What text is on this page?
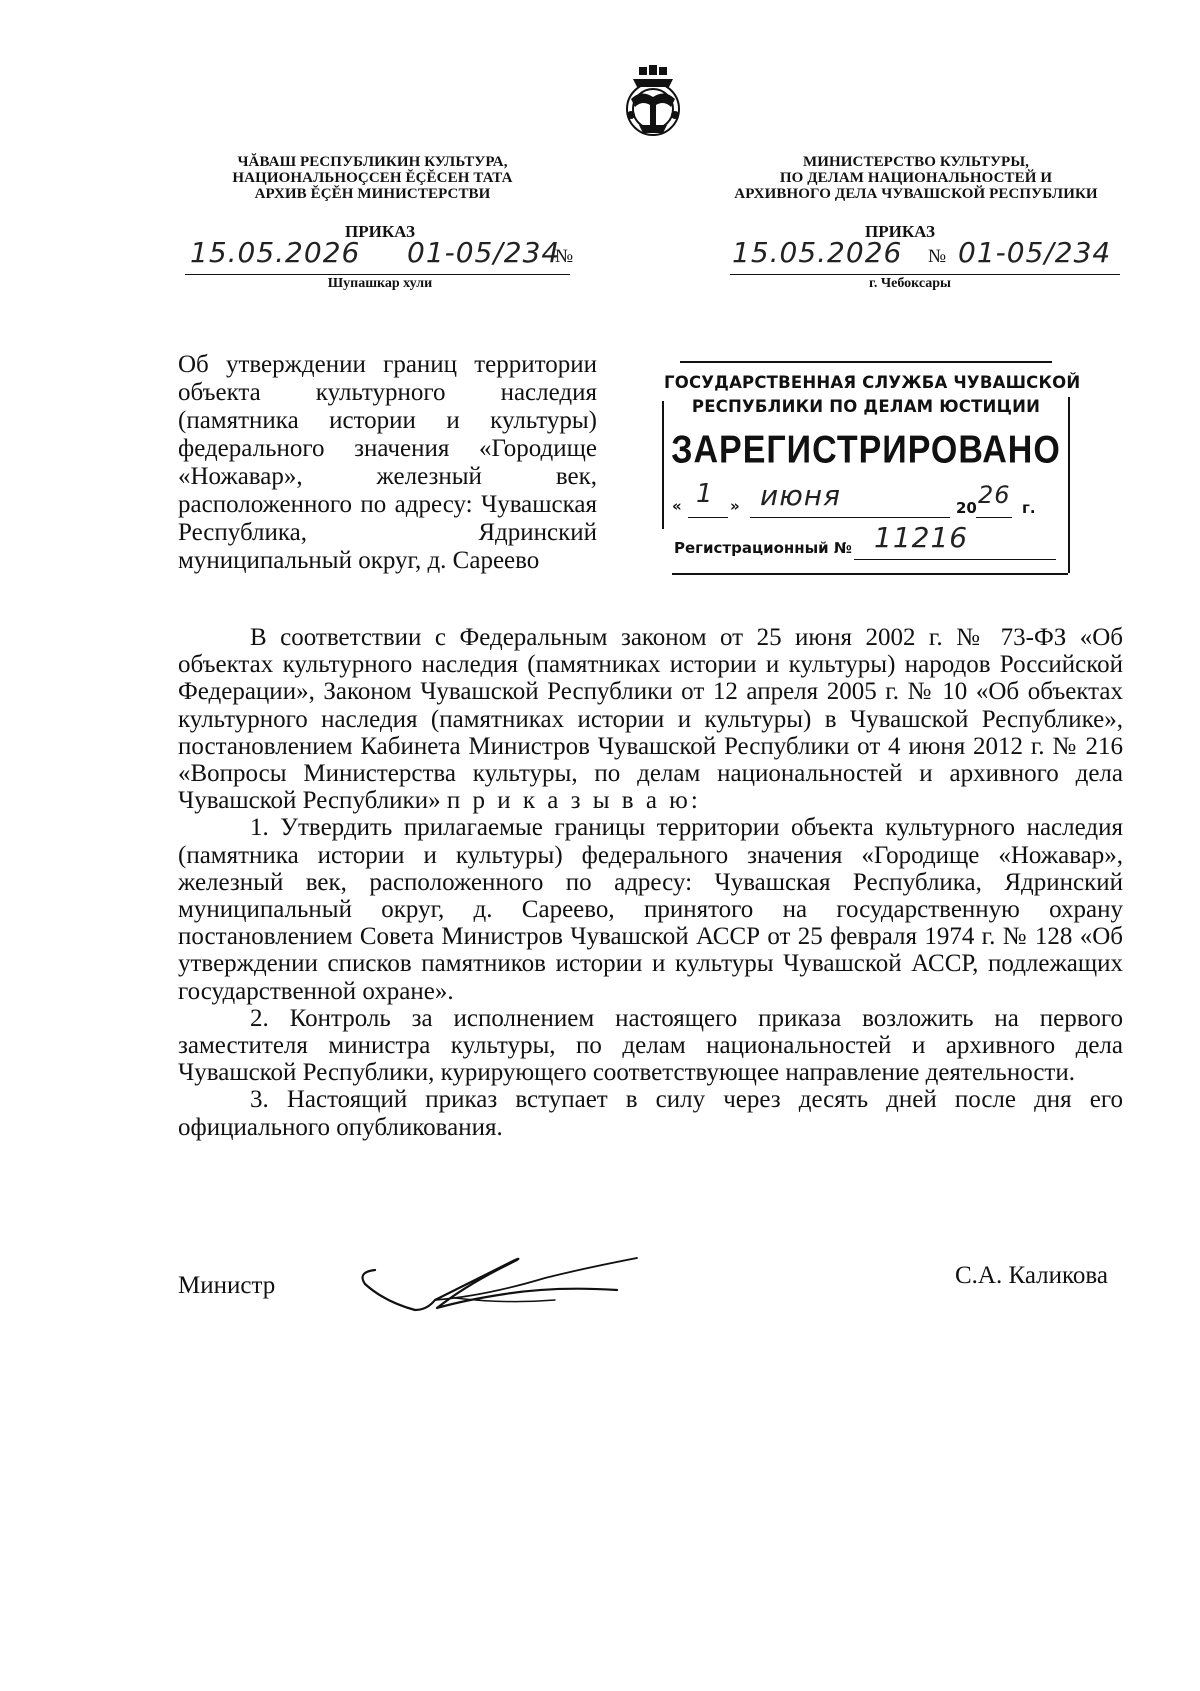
ЧĂВАШ РЕСПУБЛИКИН КУЛЬТУРА,
НАЦИОНАЛЬНОÇСЕН ĔÇĔСЕН ТАТА
АРХИВ ĔÇĔН МИНИСТЕРСТВИ
МИНИСТЕРСТВО КУЛЬТУРЫ,
ПО ДЕЛАМ НАЦИОНАЛЬНОСТЕЙ И
АРХИВНОГО ДЕЛА ЧУВАШСКОЙ РЕСПУБЛИКИ
ПРИКАЗ
15.05.2026 01-05/234
№
Шупашкар хули
ПРИКАЗ
15.05.2026 № 01-05/234
г. Чебоксары
Об утверждении границ территории объекта культурного наследия (памятника истории и культуры) федерального значения «Городище «Ножавар», железный век, расположенного по адресу: Чувашская Республика, Ядринский муниципальный округ, д. Сареево
ГОСУДАРСТВЕННАЯ СЛУЖБА ЧУВАШСКОЙ
РЕСПУБЛИКИ ПО ДЕЛАМ ЮСТИЦИИ
ЗАРЕГИСТРИРОВАНО
« 1 » июня	20 26 г.
Регистрационный № 11216

В соответствии с Федеральным законом от 25 июня 2002 г. № 73-ФЗ «Об объектах культурного наследия (памятниках истории и культуры) народов Российской Федерации», Законом Чувашской Республики от 12 апреля 2005 г. № 10 «Об объектах культурного наследия (памятниках истории и культуры) в Чувашской Республике», постановлением Кабинета Министров Чувашской Республики от 4 июня 2012 г. № 216 «Вопросы Министерства культуры, по делам национальностей и архивного дела Чувашской Республики» п р и к а з ы в а ю:

1. Утвердить прилагаемые границы территории объекта культурного наследия (памятника истории и культуры) федерального значения «Городище «Ножавар», железный век, расположенного по адресу: Чувашская Республика, Ядринский муниципальный округ, д. Сареево, принятого на государственную охрану постановлением Совета Министров Чувашской АССР от 25 февраля 1974 г. № 128 «Об утверждении списков памятников истории и культуры Чувашской АССР, подлежащих государственной охране».

2. Контроль за исполнением настоящего приказа возложить на первого заместителя министра культуры, по делам национальностей и архивного дела Чувашской Республики, курирующего соответствующее направление деятельности.

3. Настоящий приказ вступает в силу через десять дней после дня его официального опубликования.

Министр	С.А. Каликова
